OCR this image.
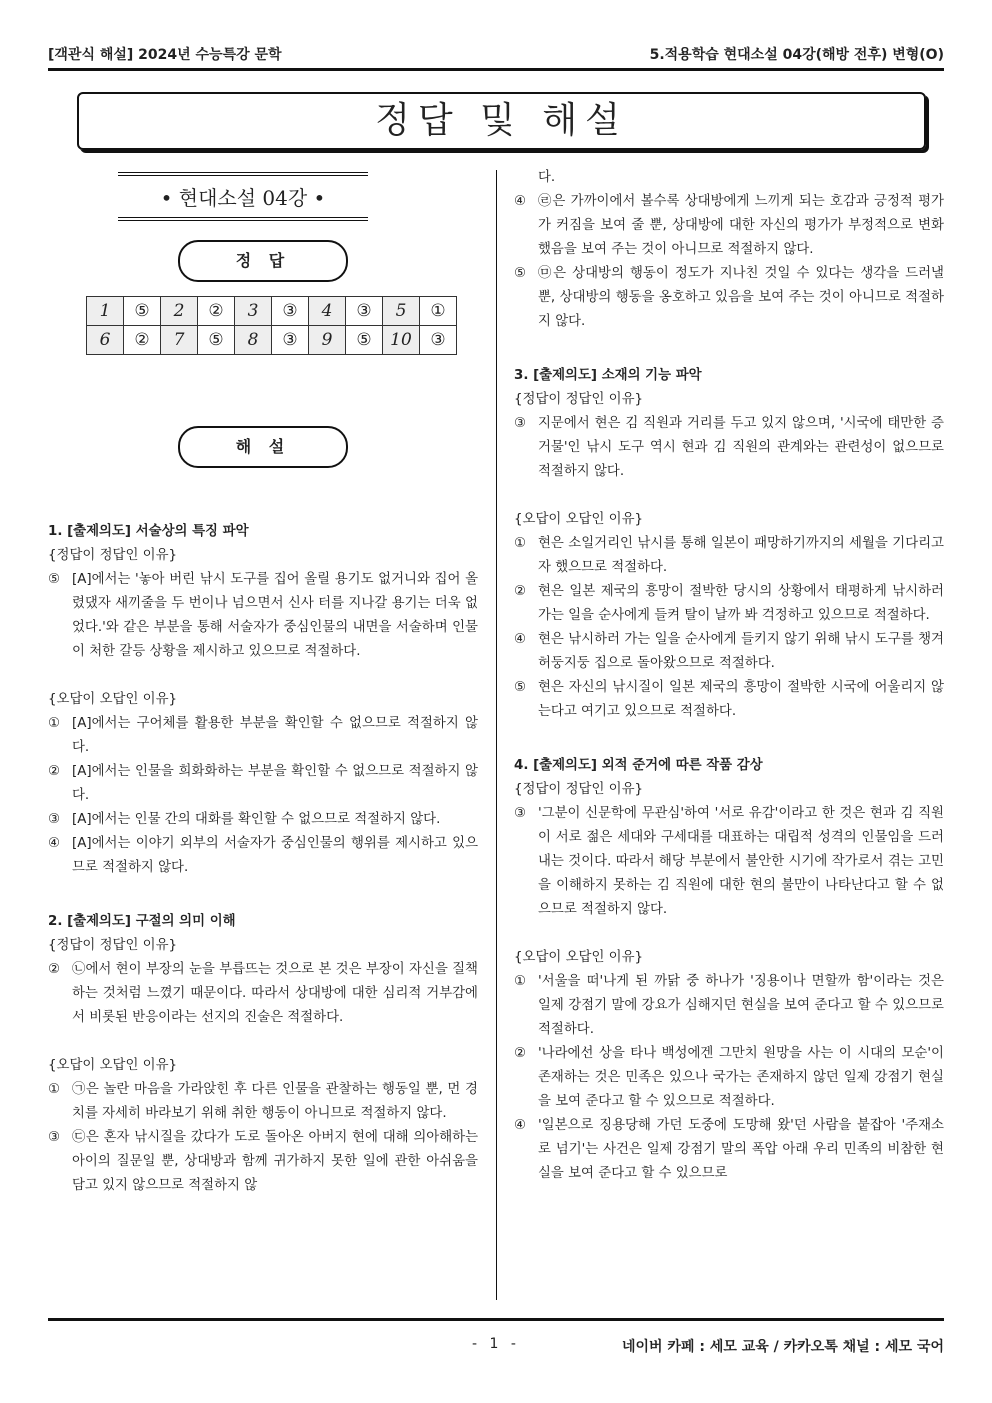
[객관식 해설] 2024년 수능특강 문학	5.적용학습 현대소설 04강(해방 전후) 변형(O)
정답 및 해설
• 현대소설 04강 •
정 답
1	⑤	2	②	3	③	4	③	5	①
6	②	7	⑤	8	③	9	⑤	10	③
해 설

1. [출제의도] 서술상의 특징 파악

{정답이 정답인 이유}

⑤ [A]에서는 '놓아 버린 낚시 도구를 집어 올릴 용기도 없거니와 집어 올렸댔자 새끼줄을 두 번이나 넘으면서 신사 터를 지나갈 용기는 더욱 없었다.'와 같은 부분을 통해 서술자가 중심인물의 내면을 서술하며 인물이 처한 갈등 상황을 제시하고 있으므로 적절하다.

{오답이 오답인 이유}

① [A]에서는 구어체를 활용한 부분을 확인할 수 없으므로 적절하지 않다.
② [A]에서는 인물을 희화화하는 부분을 확인할 수 없으므로 적절하지 않다.
③ [A]에서는 인물 간의 대화를 확인할 수 없으므로 적절하지 않다.
④ [A]에서는 이야기 외부의 서술자가 중심인물의 행위를 제시하고 있으므로 적절하지 않다.

2. [출제의도] 구절의 의미 이해

{정답이 정답인 이유}

② ㉡에서 현이 부장의 눈을 부릅뜨는 것으로 본 것은 부장이 자신을 질책하는 것처럼 느꼈기 때문이다. 따라서 상대방에 대한 심리적 거부감에서 비롯된 반응이라는 선지의 진술은 적절하다.

{오답이 오답인 이유}

① ㉠은 놀란 마음을 가라앉힌 후 다른 인물을 관찰하는 행동일 뿐, 먼 경치를 자세히 바라보기 위해 취한 행동이 아니므로 적절하지 않다.
③ ㉢은 혼자 낚시질을 갔다가 도로 돌아온 아버지 현에 대해 의아해하는 아이의 질문일 뿐, 상대방과 함께 귀가하지 못한 일에 관한 아쉬움을 담고 있지 않으므로 적절하지 않
다.
④ ㉣은 가까이에서 볼수록 상대방에게 느끼게 되는 호감과 긍정적 평가가 커짐을 보여 줄 뿐, 상대방에 대한 자신의 평가가 부정적으로 변화했음을 보여 주는 것이 아니므로 적절하지 않다.
⑤ ㉤은 상대방의 행동이 정도가 지나친 것일 수 있다는 생각을 드러낼 뿐, 상대방의 행동을 옹호하고 있음을 보여 주는 것이 아니므로 적절하지 않다.

3. [출제의도] 소재의 기능 파악

{정답이 정답인 이유}

③ 지문에서 현은 김 직원과 거리를 두고 있지 않으며, '시국에 태만한 증거물'인 낚시 도구 역시 현과 김 직원의 관계와는 관련성이 없으므로 적절하지 않다.

{오답이 오답인 이유}

① 현은 소일거리인 낚시를 통해 일본이 패망하기까지의 세월을 기다리고자 했으므로 적절하다.
② 현은 일본 제국의 흥망이 절박한 당시의 상황에서 태평하게 낚시하러 가는 일을 순사에게 들켜 탈이 날까 봐 걱정하고 있으므로 적절하다.
④ 현은 낚시하러 가는 일을 순사에게 들키지 않기 위해 낚시 도구를 챙겨 허둥지둥 집으로 돌아왔으므로 적절하다.
⑤ 현은 자신의 낚시질이 일본 제국의 흥망이 절박한 시국에 어울리지 않는다고 여기고 있으므로 적절하다.

4. [출제의도] 외적 준거에 따른 작품 감상

{정답이 정답인 이유}

③ '그분이 신문학에 무관심'하여 '서로 유감'이라고 한 것은 현과 김 직원이 서로 젊은 세대와 구세대를 대표하는 대립적 성격의 인물임을 드러내는 것이다. 따라서 해당 부분에서 불안한 시기에 작가로서 겪는 고민을 이해하지 못하는 김 직원에 대한 현의 불만이 나타난다고 할 수 없으므로 적절하지 않다.

{오답이 오답인 이유}

① '서울을 떠'나게 된 까닭 중 하나가 '징용이나 면할까 함'이라는 것은 일제 강점기 말에 강요가 심해지던 현실을 보여 준다고 할 수 있으므로 적절하다.
② '나라에선 상을 타나 백성에겐 그만치 원망을 사는 이 시대의 모순'이 존재하는 것은 민족은 있으나 국가는 존재하지 않던 일제 강점기 현실을 보여 준다고 할 수 있으므로 적절하다.
④ '일본으로 징용당해 가던 도중에 도망해 왔'던 사람을 붙잡아 '주재소로 넘기'는 사건은 일제 강점기 말의 폭압 아래 우리 민족의 비참한 현실을 보여 준다고 할 수 있으므로
- 1 -	네이버 카페 : 세모 교육 / 카카오톡 채널 : 세모 국어
